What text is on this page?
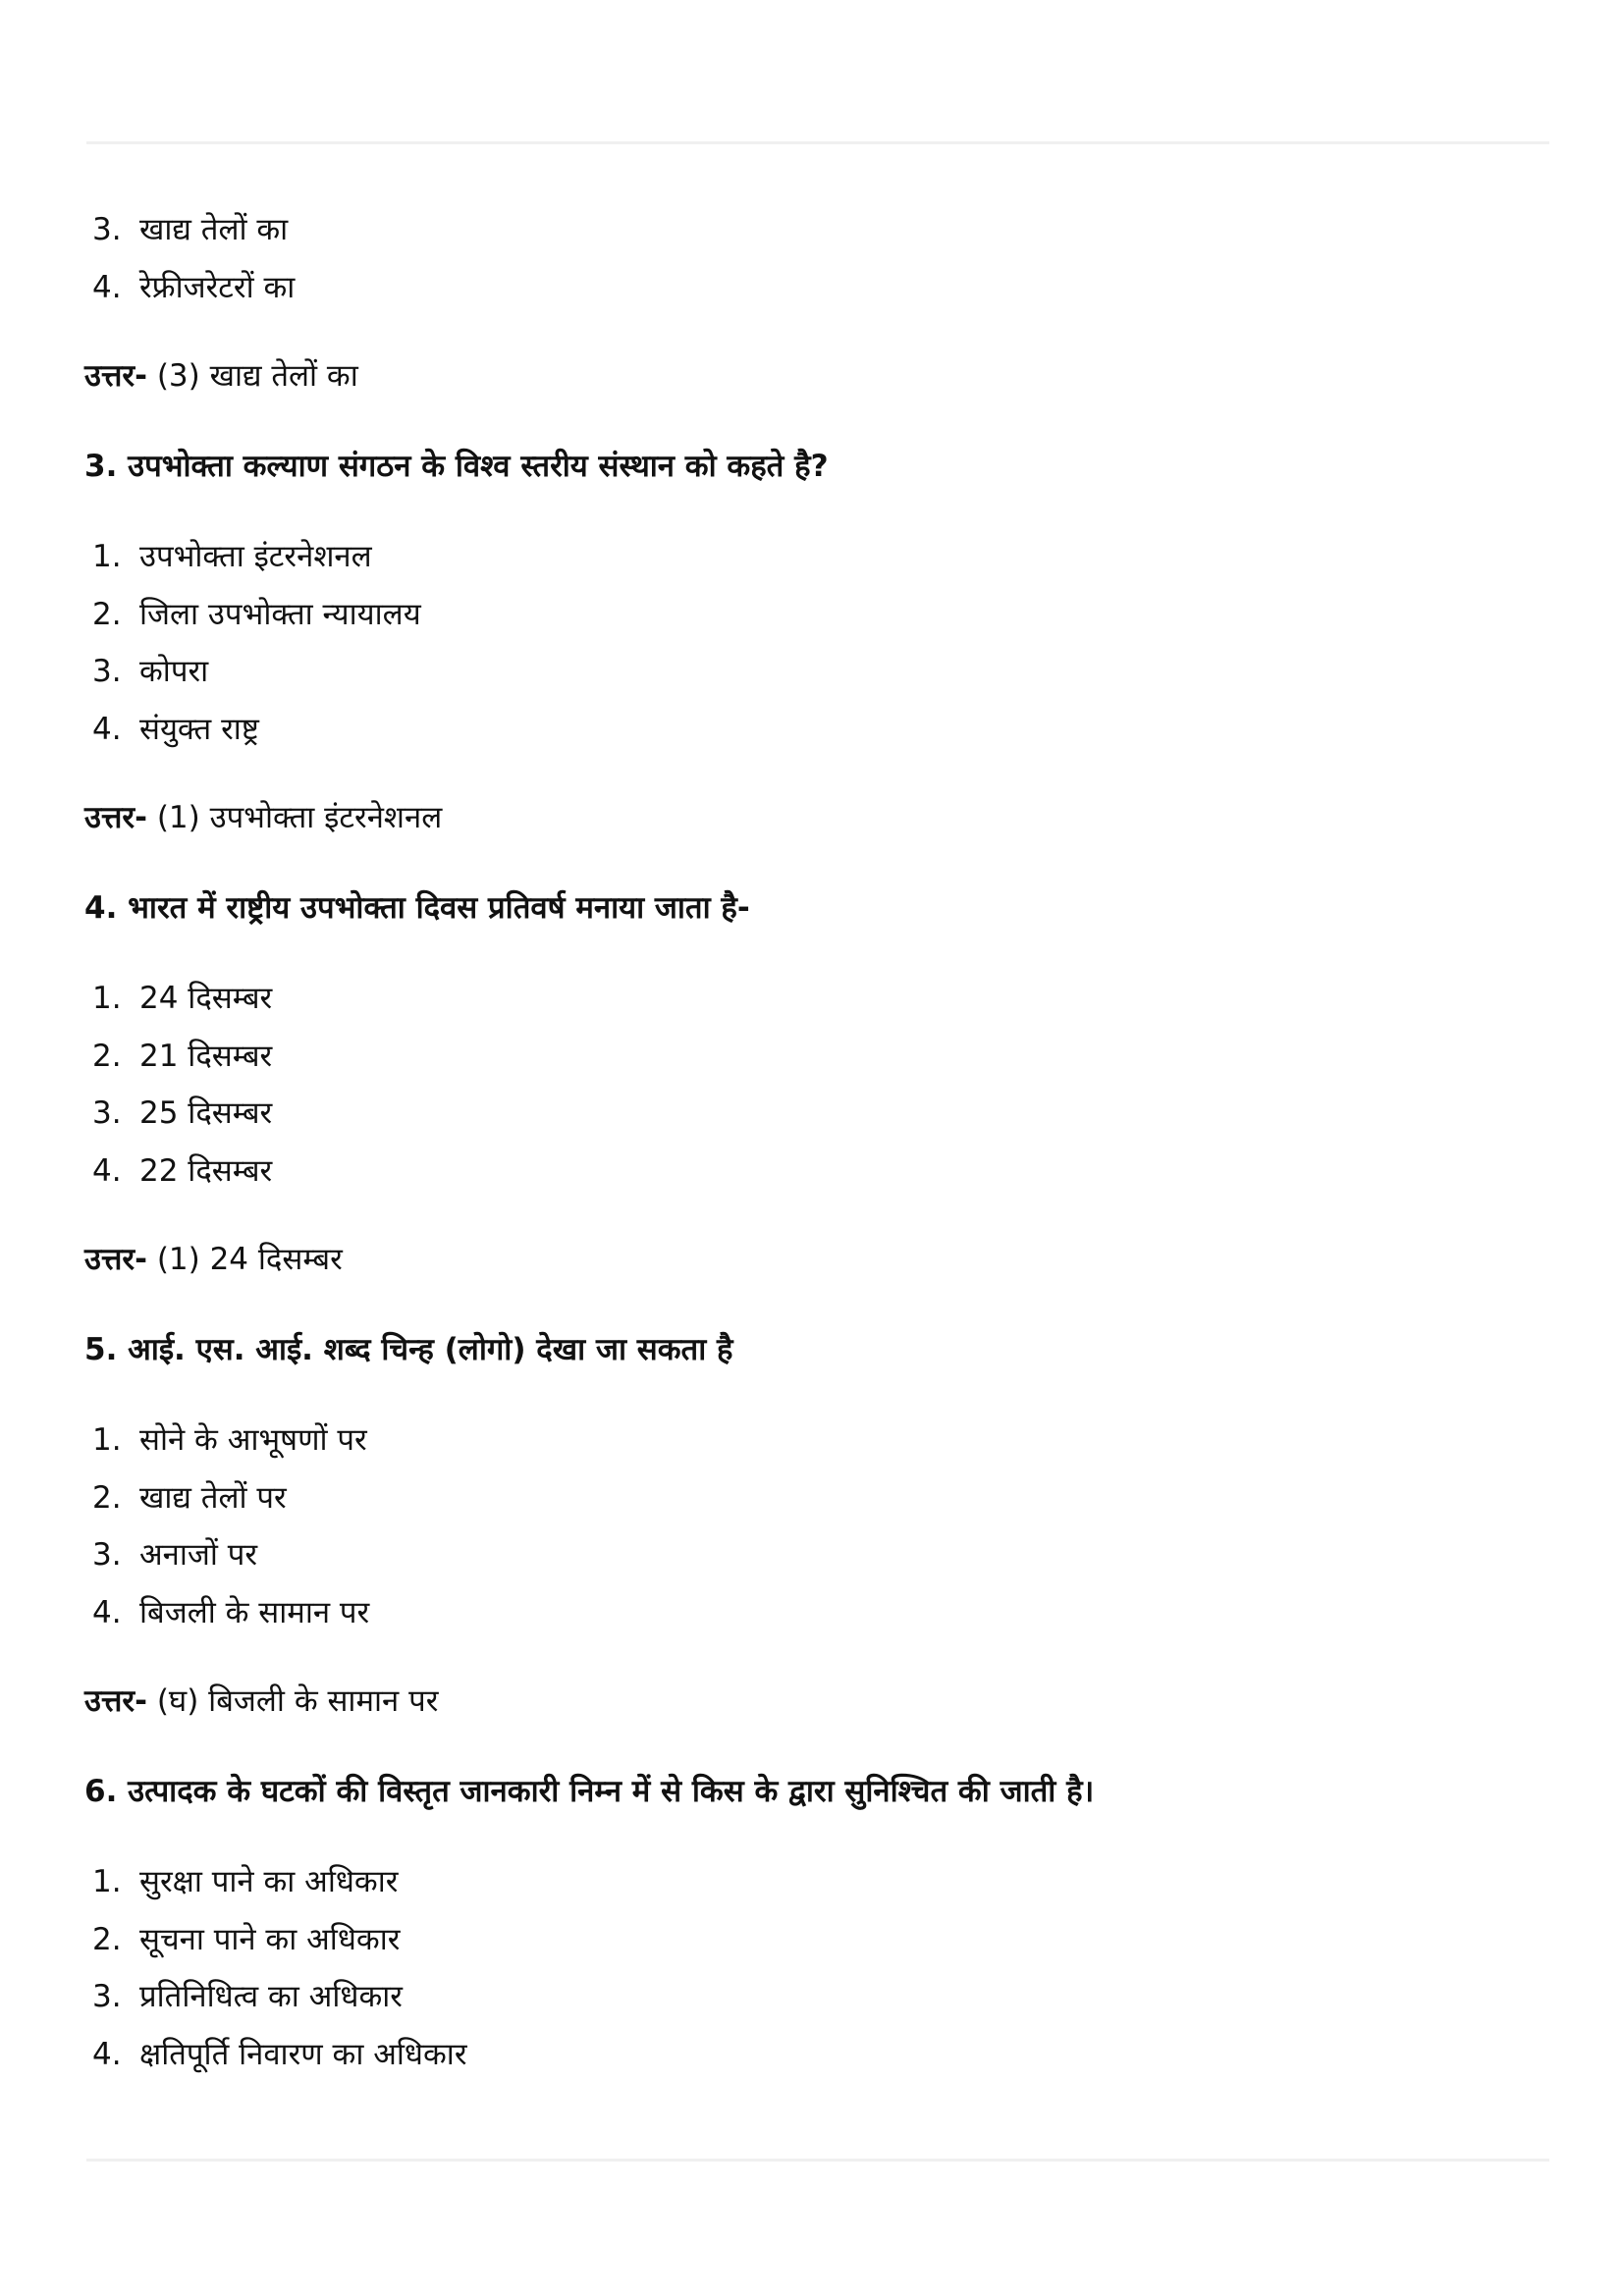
3. खाद्य तेलों का
4. रेफ्रीजरेटरों का
उत्तर- (3) खाद्य तेलों का
3. उपभोक्ता कल्याण संगठन के विश्व स्तरीय संस्थान को कहते है?
1. उपभोक्ता इंटरनेशनल
2. जिला उपभोक्ता न्यायालय
3. कोपरा
4. संयुक्त राष्ट्र
उत्तर- (1) उपभोक्ता इंटरनेशनल
4. भारत में राष्ट्रीय उपभोक्ता दिवस प्रतिवर्ष मनाया जाता है-
1. 24 दिसम्बर
2. 21 दिसम्बर
3. 25 दिसम्बर
4. 22 दिसम्बर
उत्तर- (1) 24 दिसम्बर
5. आई. एस. आई. शब्द चिन्ह (लोगो) देखा जा सकता है
1. सोने के आभूषणों पर
2. खाद्य तेलों पर
3. अनाजों पर
4. बिजली के सामान पर
उत्तर- (घ) बिजली के सामान पर
6. उत्पादक के घटकों की विस्तृत जानकारी निम्न में से किस के द्वारा सुनिश्चित की जाती है।
1. सुरक्षा पाने का अधिकार
2. सूचना पाने का अधिकार
3. प्रतिनिधित्व का अधिकार
4. क्षतिपूर्ति निवारण का अधिकार
